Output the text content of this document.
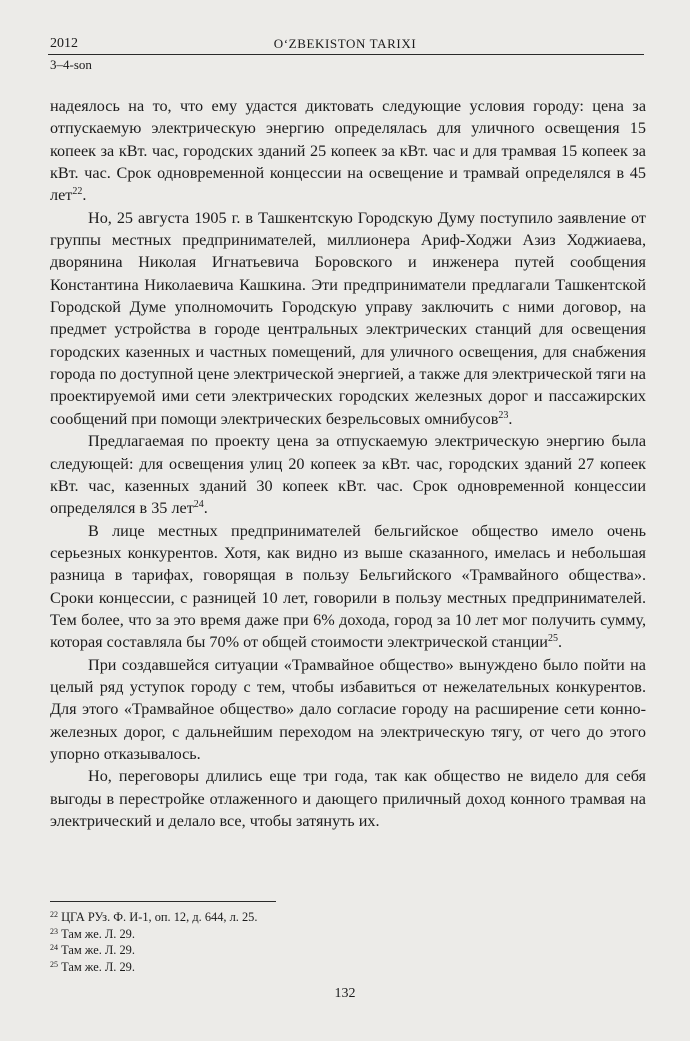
2012	O‘ZBEKISTON TARIXI
3–4-son

надеялось на то, что ему удастся диктовать следующие условия городу: цена за отпускаемую электрическую энергию определялась для уличного освещения 15 копеек за кВт. час, городских зданий 25 копеек за кВт. час и для трамвая 15 копеек за кВт. час. Срок одновременной концессии на освещение и трамвай определялся в 45 лет$^{22}$.

Но, 25 августа 1905 г. в Ташкентскую Городскую Думу поступило заявление от группы местных предпринимателей, миллионера Ариф-Ходжи Азиз Ходжиаева, дворянина Николая Игнатьевича Боровского и инженера путей сообщения Константина Николаевича Кашкина. Эти предприниматели предлагали Ташкентской Городской Думе уполномочить Городскую управу заключить с ними договор, на предмет устройства в городе центральных электрических станций для освещения городских казенных и частных помещений, для уличного освещения, для снабжения города по доступной цене электрической энергией, а также для электрической тяги на проектируемой ими сети электрических городских железных дорог и пассажирских сообщений при помощи электрических безрельсовых омнибусов$^{23}$.

Предлагаемая по проекту цена за отпускаемую электрическую энергию была следующей: для освещения улиц 20 копеек за кВт. час, городских зданий 27 копеек кВт. час, казенных зданий 30 копеек кВт. час. Срок одновременной концессии определялся в 35 лет$^{24}$.

В лице местных предпринимателей бельгийское общество имело очень серьезных конкурентов. Хотя, как видно из выше сказанного, имелась и небольшая разница в тарифах, говорящая в пользу Бельгийского «Трамвайного общества». Сроки концессии, с разницей 10 лет, говорили в пользу местных предпринимателей. Тем более, что за это время даже при 6% дохода, город за 10 лет мог получить сумму, которая составляла бы 70% от общей стоимости электрической станции$^{25}$.

При создавшейся ситуации «Трамвайное общество» вынуждено было пойти на целый ряд уступок городу с тем, чтобы избавиться от нежелательных конкурентов. Для этого «Трамвайное общество» дало согласие городу на расширение сети конно-железных дорог, с дальнейшим переходом на электрическую тягу, от чего до этого упорно отказывалось.

Но, переговоры длились еще три года, так как общество не видело для себя выгоды в перестройке отлаженного и дающего приличный доход конного трамвая на электрический и делало все, чтобы затянуть их.

$^{22}$ ЦГА РУз. Ф. И-1, оп. 12, д. 644, л. 25.
$^{23}$ Там же. Л. 29.
$^{24}$ Там же. Л. 29.
$^{25}$ Там же. Л. 29.
132
